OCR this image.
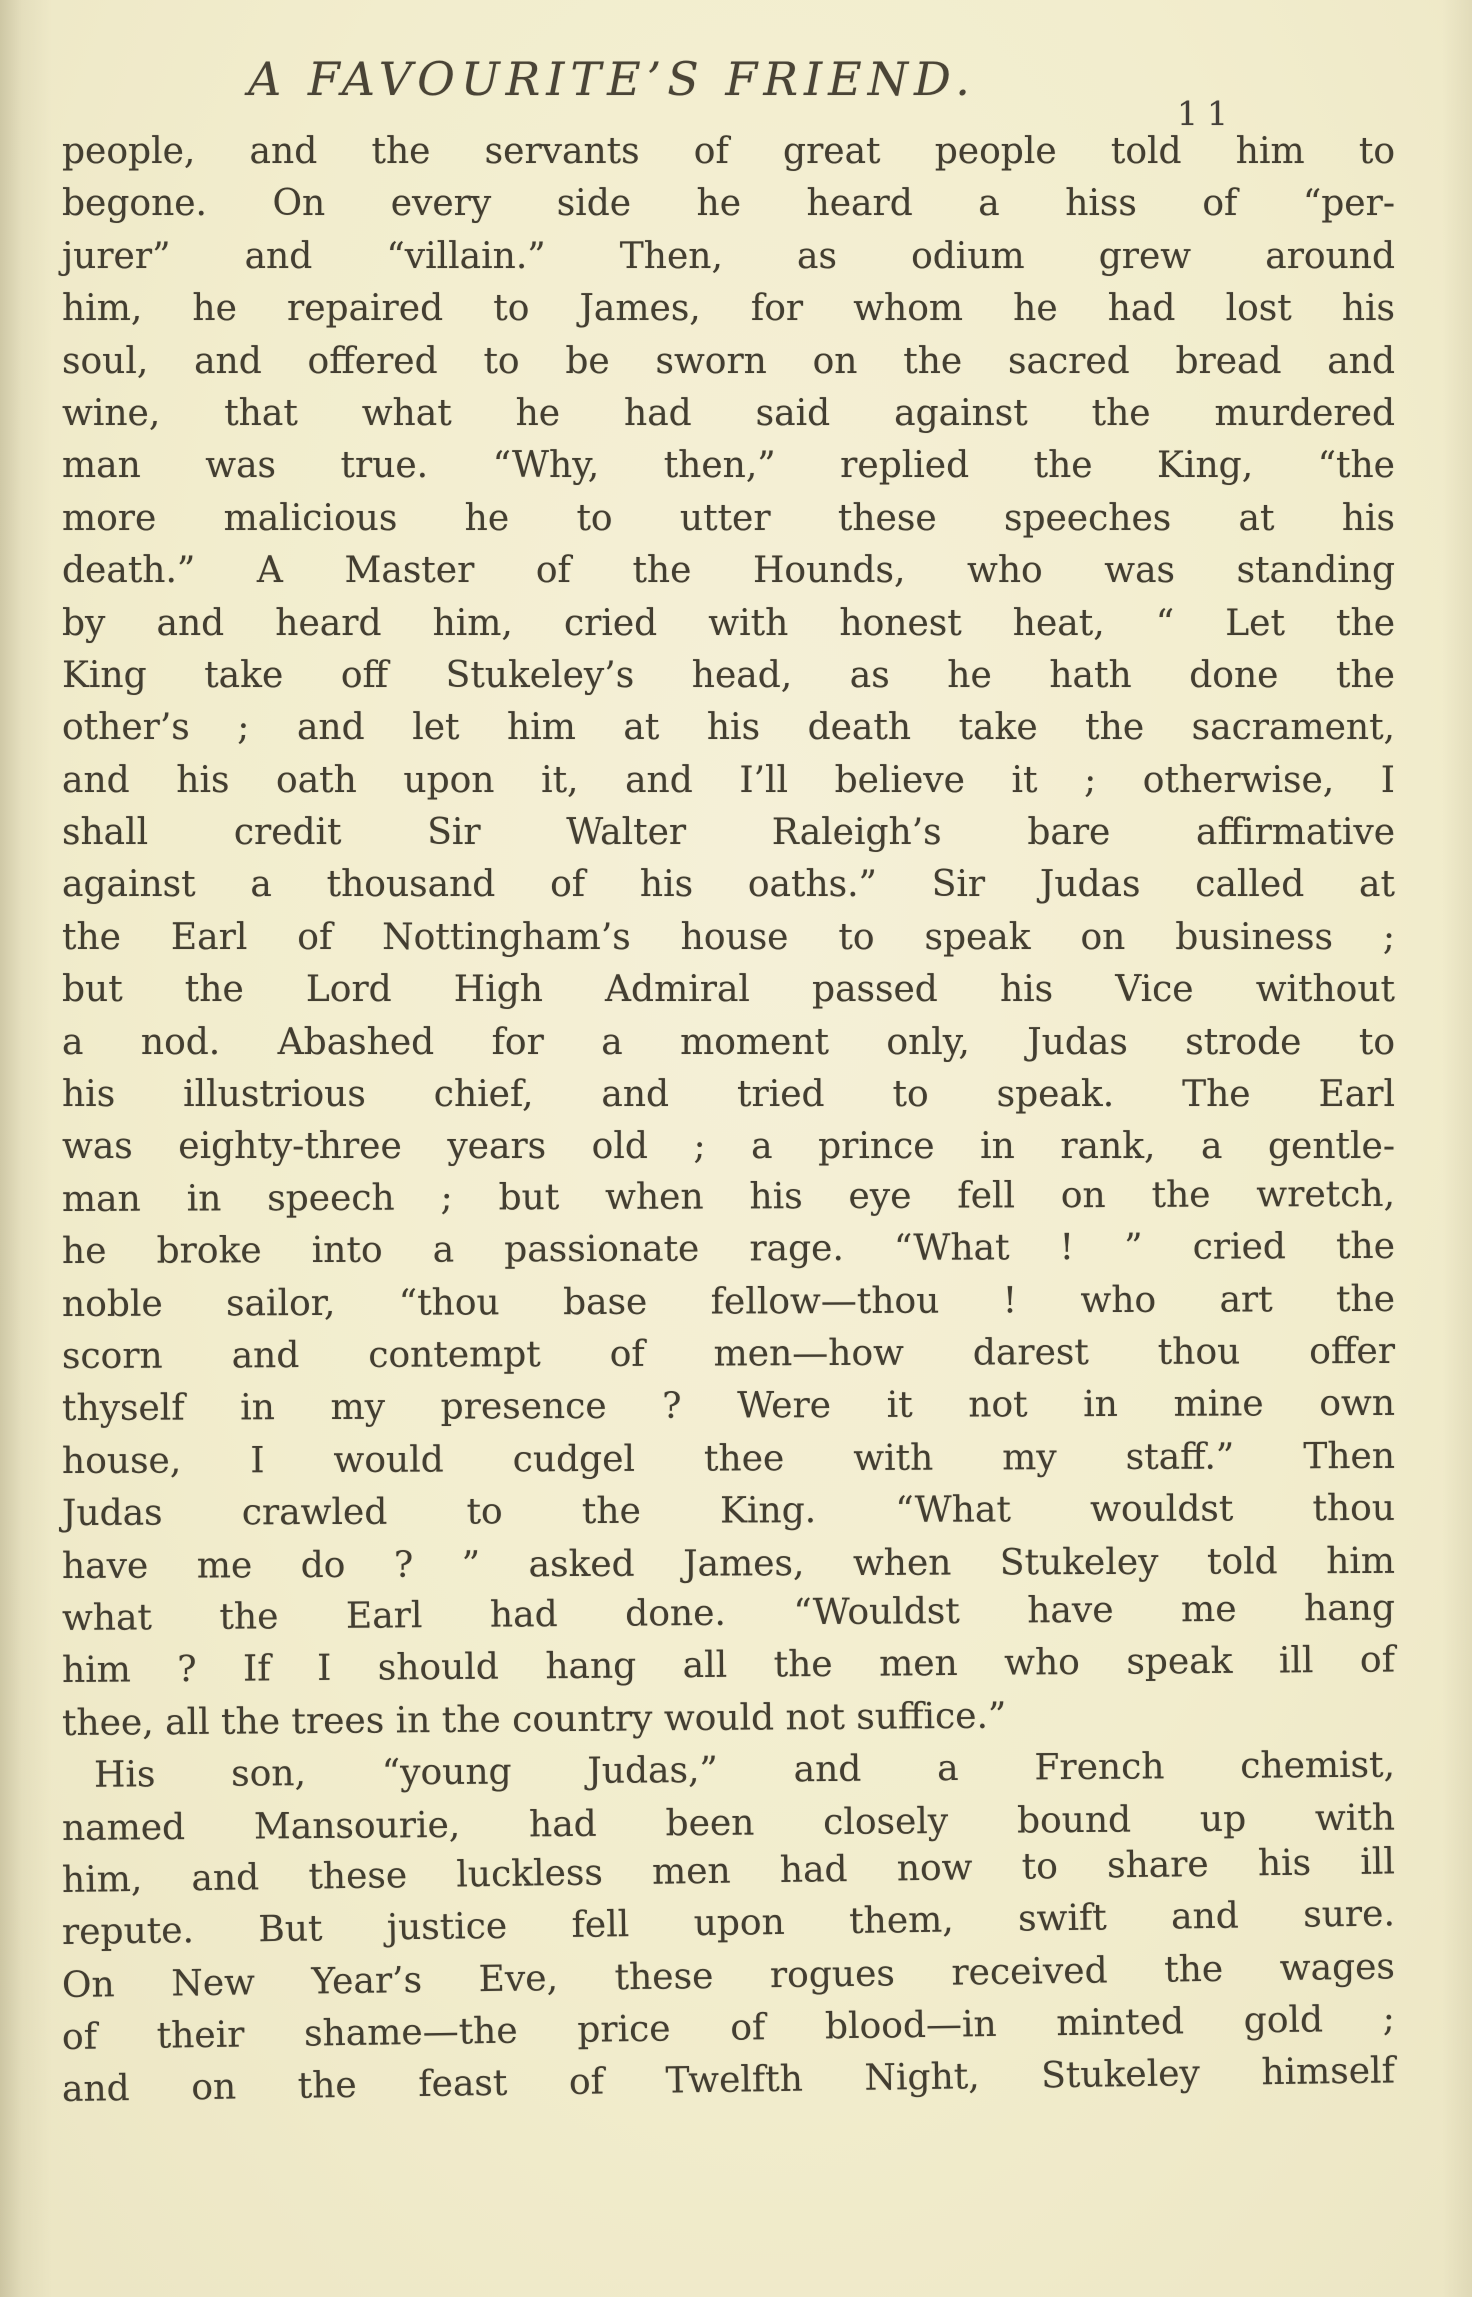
A FAVOURITE’S FRIEND.
11
people, and the servants of great people told him to
begone. On every side he heard a hiss of “per-
jurer” and “villain.” Then, as odium grew around
him, he repaired to James, for whom he had lost his
soul, and offered to be sworn on the sacred bread and
wine, that what he had said against the murdered
man was true. “Why, then,” replied the King, “the
more malicious he to utter these speeches at his
death.” A Master of the Hounds, who was standing
by and heard him, cried with honest heat, “ Let the
King take off Stukeley’s head, as he hath done the
other’s ; and let him at his death take the sacrament,
and his oath upon it, and I’ll believe it ; otherwise, I
shall credit Sir Walter Raleigh’s bare affirmative
against a thousand of his oaths.” Sir Judas called at
the Earl of Nottingham’s house to speak on business ;
but the Lord High Admiral passed his Vice without
a nod. Abashed for a moment only, Judas strode to
his illustrious chief, and tried to speak. The Earl
was eighty-three years old ; a prince in rank, a gentle-
man in speech ; but when his eye fell on the wretch,
he broke into a passionate rage. “What ! ” cried the
noble sailor, “thou base fellow—thou ! who art the
scorn and contempt of men—how darest thou offer
thyself in my presence ? Were it not in mine own
house, I would cudgel thee with my staff.” Then
Judas crawled to the King. “What wouldst thou
have me do ? ” asked James, when Stukeley told him
what the Earl had done. “Wouldst have me hang
him ? If I should hang all the men who speak ill of
thee, all the trees in the country would not suffice.”
His son, “young Judas,” and a French chemist,
named Mansourie, had been closely bound up with
him, and these luckless men had now to share his ill
repute. But justice fell upon them, swift and sure.
On New Year’s Eve, these rogues received the wages
of their shame—the price of blood—in minted gold ;
and on the feast of Twelfth Night, Stukeley himself
